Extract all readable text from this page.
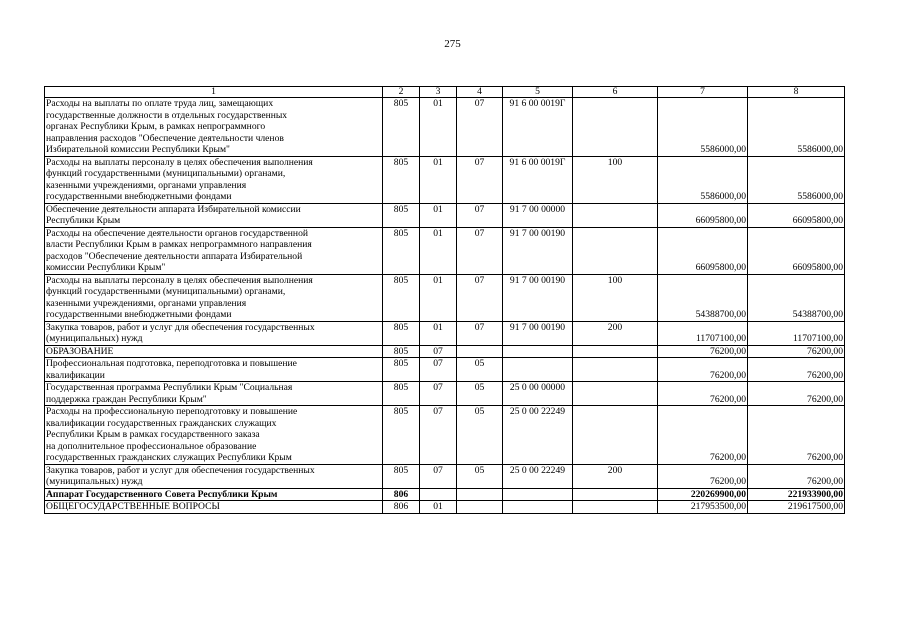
275
1	2	3	4	5	6	7	8

Расходы на выплаты по оплате труда лиц, замещающих
государственные должности в отдельных государственных
органах Республики Крым, в рамках непрограммного
направления расходов "Обеспечение деятельности членов
Избирательной комиссии Республики Крым"	805	01	07	91 6 00 0019Г		5586000,00	5586000,00

Расходы на выплаты персоналу в целях обеспечения выполнения
функций государственными (муниципальными) органами,
казенными учреждениями, органами управления
государственными внебюджетными фондами	805	01	07	91 6 00 0019Г	100	5586000,00	5586000,00

Обеспечение деятельности аппарата Избирательной комиссии
Республики Крым	805	01	07	91 7 00 00000		66095800,00	66095800,00

Расходы на обеспечение деятельности органов государственной
власти Республики Крым в рамках непрограммного направления
расходов "Обеспечение деятельности аппарата Избирательной
комиссии Республики Крым"	805	01	07	91 7 00 00190		66095800,00	66095800,00

Расходы на выплаты персоналу в целях обеспечения выполнения
функций государственными (муниципальными) органами,
казенными учреждениями, органами управления
государственными внебюджетными фондами	805	01	07	91 7 00 00190	100	54388700,00	54388700,00

Закупка товаров, работ и услуг для обеспечения государственных
(муниципальных) нужд	805	01	07	91 7 00 00190	200	11707100,00	11707100,00

ОБРАЗОВАНИЕ	805	07				76200,00	76200,00

Профессиональная подготовка, переподготовка и повышение
квалификации	805	07	05			76200,00	76200,00

Государственная программа Республики Крым "Социальная
поддержка граждан Республики Крым"	805	07	05	25 0 00 00000		76200,00	76200,00

Расходы на профессиональную переподготовку и повышение
квалификации государственных гражданских служащих
Республики Крым в рамках государственного заказа
на дополнительное профессиональное образование
государственных гражданских служащих Республики Крым	805	07	05	25 0 00 22249		76200,00	76200,00

Закупка товаров, работ и услуг для обеспечения государственных
(муниципальных) нужд	805	07	05	25 0 00 22249	200	76200,00	76200,00

Аппарат Государственного Совета Республики Крым	806					220269900,00	221933900,00

ОБЩЕГОСУДАРСТВЕННЫЕ ВОПРОСЫ	806	01				217953500,00	219617500,00
